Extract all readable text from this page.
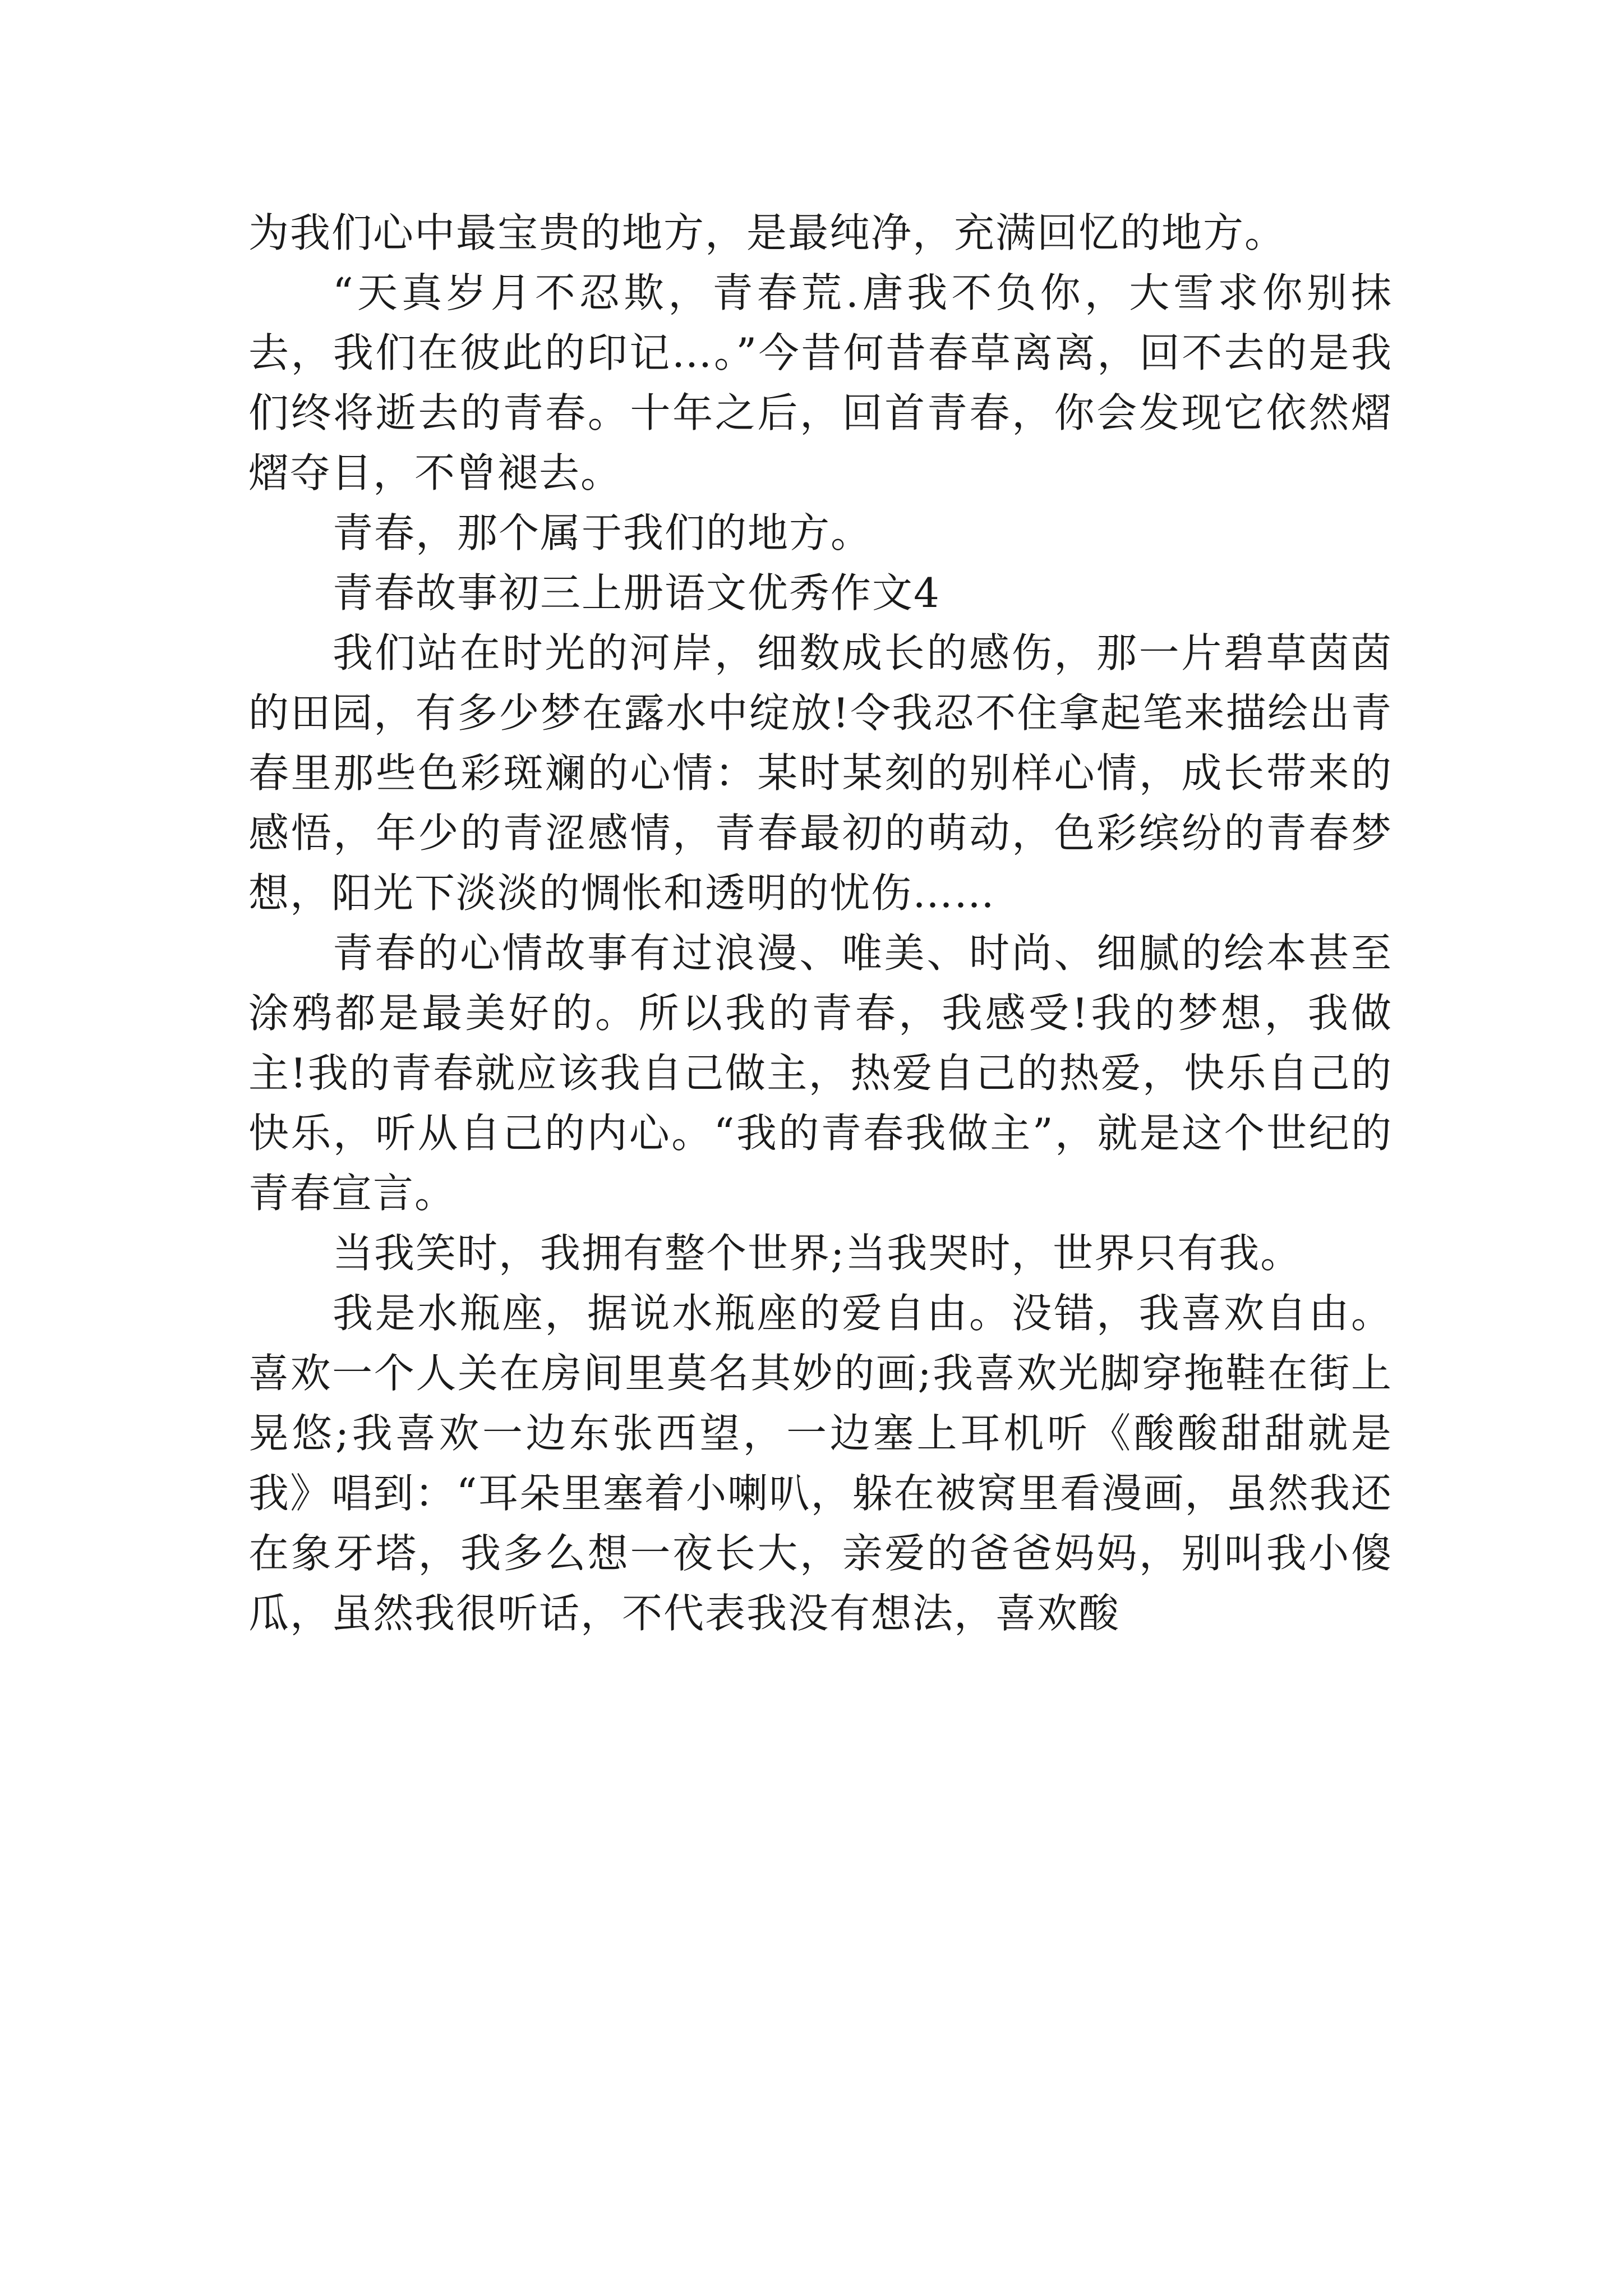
为我们心中最宝贵的地方，是最纯净，充满回忆的地方。

“天真岁月不忍欺，青春荒.唐我不负你，大雪求你别抹去，我们在彼此的印记…。”今昔何昔春草离离，回不去的是我们终将逝去的青春。十年之后，回首青春，你会发现它依然熠熠夺目，不曾褪去。

青春，那个属于我们的地方。

青春故事初三上册语文优秀作文4

我们站在时光的河岸，细数成长的感伤，那一片碧草茵茵的田园，有多少梦在露水中绽放!令我忍不住拿起笔来描绘出青春里那些色彩斑斓的心情：某时某刻的别样心情，成长带来的感悟，年少的青涩感情，青春最初的萌动，色彩缤纷的青春梦想，阳光下淡淡的惆怅和透明的忧伤……

青春的心情故事有过浪漫、唯美、时尚、细腻的绘本甚至涂鸦都是最美好的。所以我的青春，我感受!我的梦想，我做主!我的青春就应该我自己做主，热爱自己的热爱，快乐自己的快乐，听从自己的内心。“我的青春我做主”，就是这个世纪的青春宣言。

当我笑时，我拥有整个世界;当我哭时，世界只有我。

我是水瓶座，据说水瓶座的爱自由。没错，我喜欢自由。喜欢一个人关在房间里莫名其妙的画;我喜欢光脚穿拖鞋在街上晃悠;我喜欢一边东张西望，一边塞上耳机听《酸酸甜甜就是我》唱到：“耳朵里塞着小喇叭，躲在被窝里看漫画，虽然我还在象牙塔，我多么想一夜长大，亲爱的爸爸妈妈，别叫我小傻瓜，虽然我很听话，不代表我没有想法，喜欢酸
